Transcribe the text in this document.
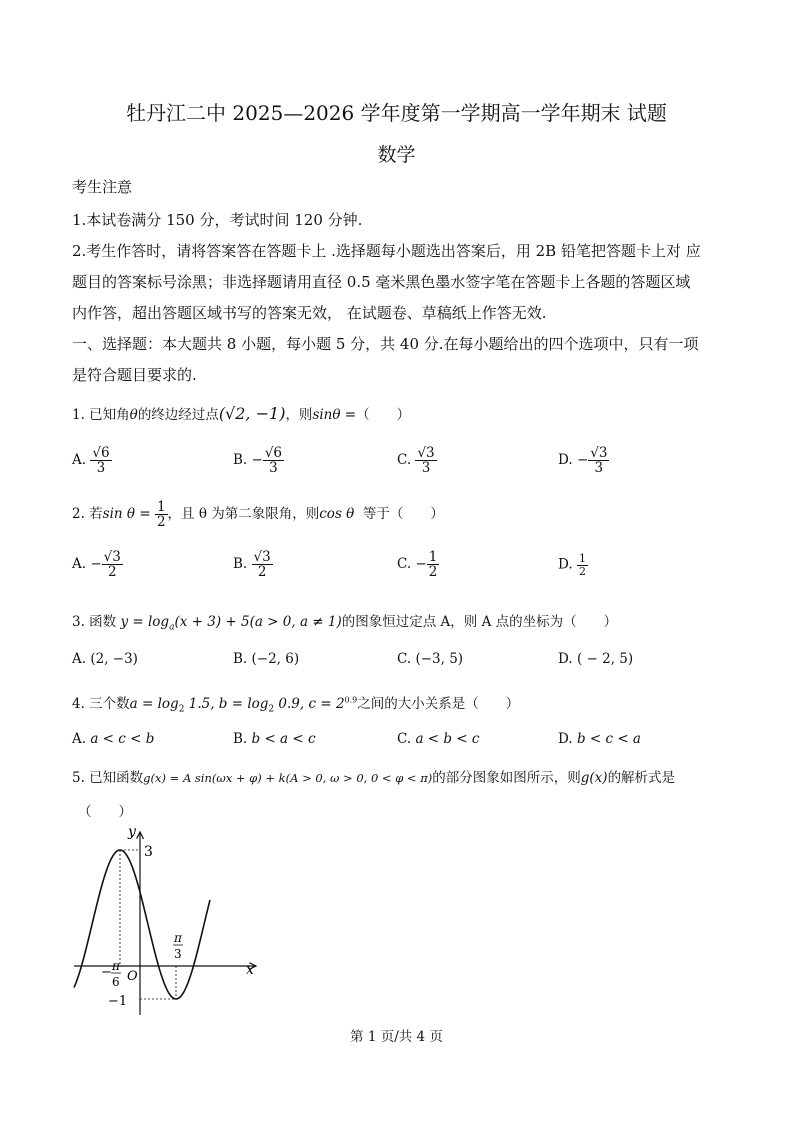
牡丹江二中 2025—2026 学年度第一学期高一学年期末 试题
数学
考生注意
1.本试卷满分 150 分，考试时间 120 分钟.
2.考生作答时，请将答案答在答题卡上 .选择题每小题选出答案后，用 2B 铅笔把答题卡上对 应
题目的答案标号涂黑；非选择题请用直径 0.5 毫米黑色墨水签字笔在答题卡上各题的答题区域
内作答，超出答题区域书写的答案无效， 在试题卷、草稿纸上作答无效.
一、选择题：本大题共 8 小题，每小题 5 分，共 40 分.在每小题给出的四个选项中，只有一项
是符合题目要求的.
1. 已知角θ的终边经过点(√2, −1)，则sinθ =（　　）
A. $\frac{√6}{3}$	B. − $\frac{√6}{3}$	C. $\frac{√3}{3}$	D. − $\frac{√3}{3}$
2. 若$\sin \theta = \frac{1}{2}$ ，且 θ 为第二象限角，则cos θ 等于（　　）
A. − $\frac{√3}{2}$	B. $\frac{√3}{2}$	C. − $\frac{1}{2}$	D. $\frac{1}{2}$
3. 函数 $y = \log_a(x + 3) + 5(a > 0$, a ≠ 1)的图象恒过定点 A，则 A 点的坐标为（　　）
A. (2, −3)	B. (−2, 6)	C. (−3, 5)	D. ( − 2, 5)
4. 三个数$a = \log_2 1.5$, $b = \log_2 0.9$, $c = 2^{0.9}$之间的大小关系是（　　）
A. a < c < b	B. b < a < c	C. a < b < c	D. b < c < a
5. 已知函数g(x) = A sin(ωx + φ) + k(A > 0, ω > 0, 0 < φ < π)的部分图象如图所示，则g(x)的解析式是
（　　）
y
x
O
3
−1
− π
6
π
3
第 1 页/共 4 页
